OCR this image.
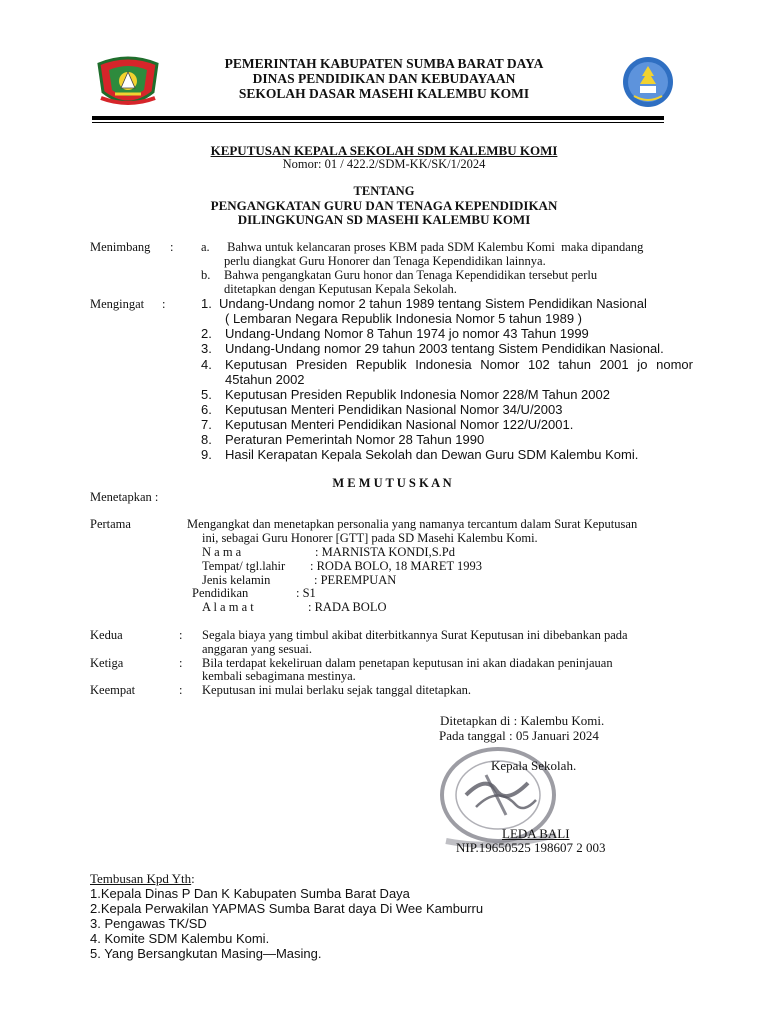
PEMERINTAH KABUPATEN SUMBA BARAT DAYA
DINAS PENDIDIKAN DAN KEBUDAYAAN
SEKOLAH DASAR MASEHI KALEMBU KOMI
KEPUTUSAN KEPALA SEKOLAH SDM KALEMBU KOMI
Nomor: 01 / 422.2/SDM-KK/SK/1/2024
TENTANG
PENGANGKATAN GURU DAN TENAGA KEPENDIDIKAN
DILINGKUNGAN SD MASEHI KALEMBU KOMI
Menimbang : a. Bahwa untuk kelancaran proses KBM pada SDM Kalembu Komi  maka dipandang
perlu diangkat Guru Honorer dan Tenaga Kependidikan lainnya.
b. Bahwa pengangkatan Guru honor dan Tenaga Kependidikan tersebut perlu
ditetapkan dengan Keputusan Kepala Sekolah.
Mengingat :	1. Undang-Undang nomor 2 tahun 1989 tentang Sistem Pendidikan Nasional
( Lembaran Negara Republik Indonesia Nomor 5 tahun 1989 )
2. Undang-Undang Nomor 8 Tahun 1974 jo nomor 43 Tahun 1999
3. Undang-Undang nomor 29 tahun 2003 tentang Sistem Pendidikan Nasional.
4. Keputusan Presiden Republik Indonesia Nomor 102 tahun 2001 jo nomor
45tahun 2002
5. Keputusan Presiden Republik Indonesia Nomor 228/M Tahun 2002
6. Keputusan Menteri Pendidikan Nasional Nomor 34/U/2003
7. Keputusan Menteri Pendidikan Nasional Nomor 122/U/2001.
8. Peraturan Pemerintah Nomor 28 Tahun 1990
9. Hasil Kerapatan Kepala Sekolah dan Dewan Guru SDM Kalembu Komi.
M E M U T U S K A N
Menetapkan :
Pertama	Mengangkat dan menetapkan personalia yang namanya tercantum dalam Surat Keputusan
ini, sebagai Guru Honorer [GTT] pada SD Masehi Kalembu Komi.
N a m a	: MARNISTA KONDI,S.Pd
Tempat/ tgl.lahir : RODA BOLO, 18 MARET 1993
Jenis kelamin	: PEREMPUAN
Pendidikan	: S1
A l a m a t	: RADA BOLO
Kedua	: Segala biaya yang timbul akibat diterbitkannya Surat Keputusan ini dibebankan pada
anggaran yang sesuai.
Ketiga	: Bila terdapat kekeliruan dalam penetapan keputusan ini akan diadakan peninjauan
kembali sebagimana mestinya.
Keempat	: Keputusan ini mulai berlaku sejak tanggal ditetapkan.
Ditetapkan di : Kalembu Komi.
Pada tanggal : 05 Januari 2024
Kepala Sekolah.
LEDA BALI
NIP.19650525 198607 2 003
Tembusan Kpd Yth:
1.Kepala Dinas P Dan K Kabupaten Sumba Barat Daya
2.Kepala Perwakilan YAPMAS Sumba Barat daya Di Wee Kamburru
3. Pengawas TK/SD
4. Komite SDM Kalembu Komi.
5. Yang Bersangkutan Masing—Masing.
